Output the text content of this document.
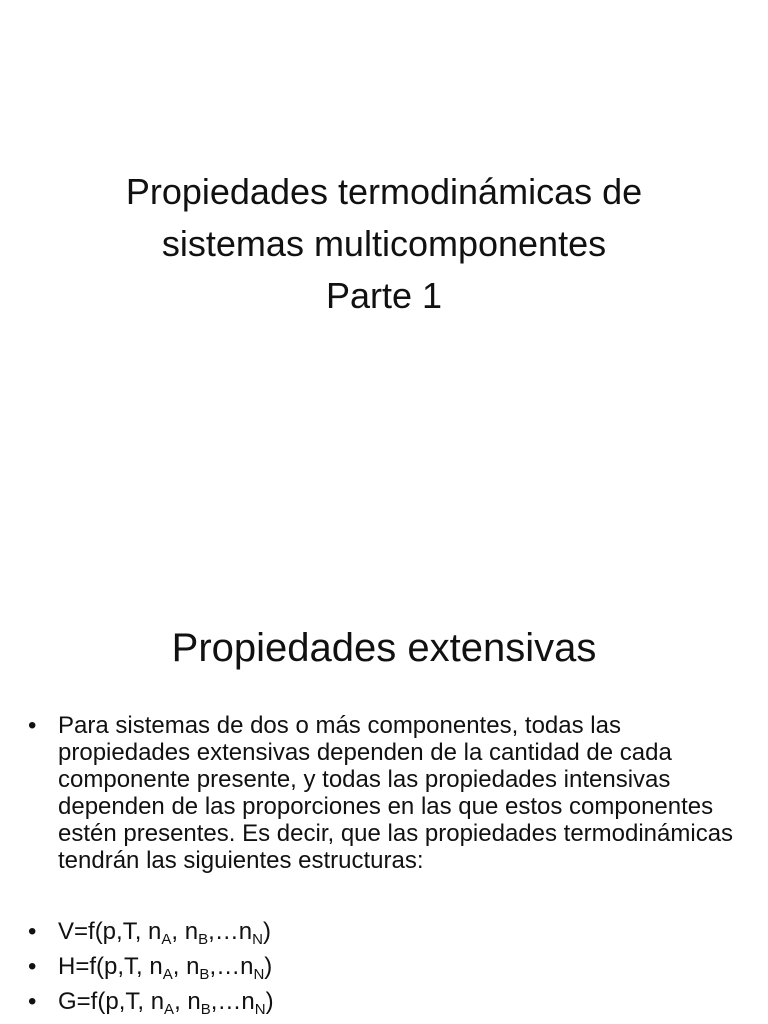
Propiedades termodinámicas de
sistemas multicomponentes
Parte 1
Propiedades extensivas
• Para sistemas de dos o más componentes, todas las propiedades extensivas dependen de la cantidad de cada componente presente, y todas las propiedades intensivas dependen de las proporciones en las que estos componentes estén presentes. Es decir, que las propiedades termodinámicas tendrán las siguientes estructuras:
• V=f(p,T, $n_A$, $n_B,\dots n_N$)
• H=f(p,T, $n_A$, $n_B,\dots n_N$)
• G=f(p,T, $n_A$, $n_B,\dots n_N$)
